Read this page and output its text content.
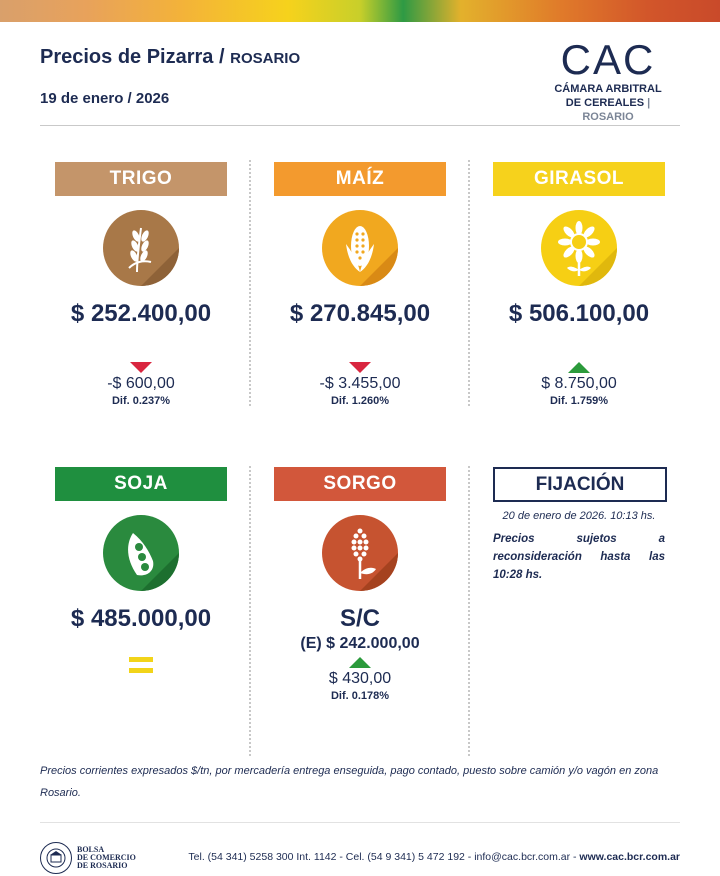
Precios de Pizarra / ROSARIO
19 de enero / 2026
CAC
CÁMARA ARBITRAL
DE CEREALES | ROSARIO
TRIGO
$ 252.400,00
-$ 600,00
Dif. 0.237%
MAÍZ
$ 270.845,00
-$ 3.455,00
Dif. 1.260%
GIRASOL
$ 506.100,00
$ 8.750,00
Dif. 1.759%
SOJA
$ 485.000,00
SORGO
S/C
(E) $ 242.000,00
$ 430,00
Dif. 0.178%
FIJACIÓN
20 de enero de 2026. 10:13 hs.
Precios sujetos a reconsideración hasta las 10:28 hs.
Precios corrientes expresados $/tn, por mercadería entrega enseguida, pago contado, puesto sobre camión y/o vagón en zona Rosario.
BOLSA
DE COMERCIO
DE ROSARIO
Tel. (54 341) 5258 300 Int. 1142 - Cel. (54 9 341) 5 472 192 - info@cac.bcr.com.ar - www.cac.bcr.com.ar
